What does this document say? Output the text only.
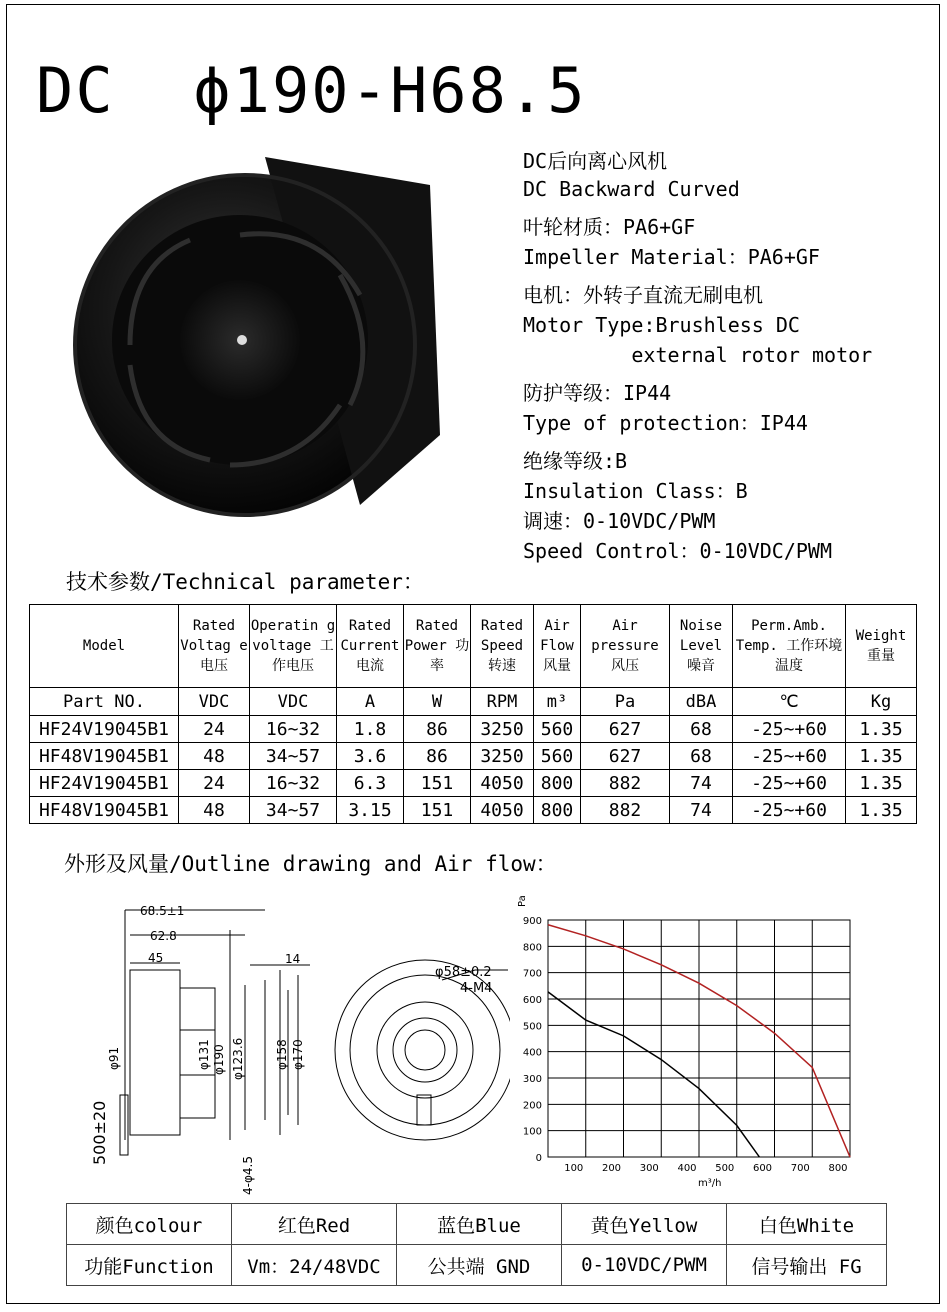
DC  ϕ190-H68.5
DC后向离心风机
DC Backward Curved
叶轮材质：PA6+GF
Impeller Material：PA6+GF
电机：外转子直流无刷电机
Motor Type:Brushless DC
external rotor motor
防护等级：IP44
Type of protection：IP44
绝缘等级:B
Insulation Class：B
调速：0-10VDC/PWM
Speed Control：0-10VDC/PWM
技术参数/Technical parameter：
Model	Rated Voltag e电压	Operatin g voltage 工作电压	Rated Current 电流	Rated Power 功率	Rated Speed 转速	Air Flow 风量	Air pressure 风压	Noise Level 噪音	Perm.Amb. Temp. 工作环境温度	Weight 重量
Part NO.	VDC	VDC	A	W	RPM	m³	Pa	dBA	℃	Kg
HF24V19045B1	24	16~32	1.8	86	3250	560	627	68	-25~+60	1.35
HF48V19045B1	48	34~57	3.6	86	3250	560	627	68	-25~+60	1.35
HF24V19045B1	24	16~32	6.3	151	4050	800	882	74	-25~+60	1.35
HF48V19045B1	48	34~57	3.15	151	4050	800	882	74	-25~+60	1.35
外形及风量/Outline drawing and Air flow：
68.5±1
62.8
45	14
φ91	φ131 φ190 φ123.6	φ158 φ170
500±20
4-φ4.5
φ58±0.2
4-M4
Pa
m³/h
0
100
200
300
400
500
600
700
800
900
100 200 300 400 500 600 700 800
颜色colour	红色Red	蓝色Blue	黄色Yellow	白色White
功能Function	Vm：24/48VDC	公共端 GND	0-10VDC/PWM	信号输出 FG
